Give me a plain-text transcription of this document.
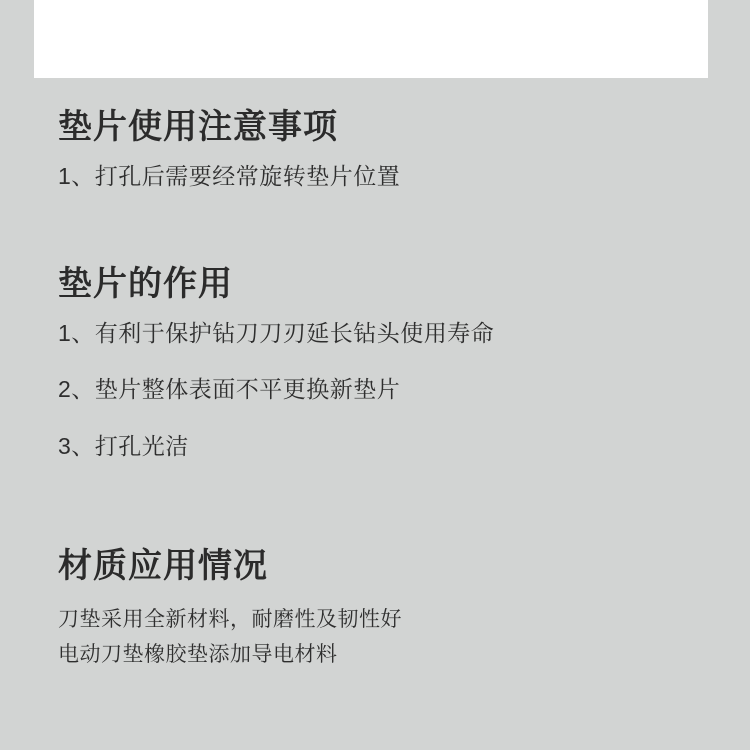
垫片使用注意事项

1、打孔后需要经常旋转垫片位置

垫片的作用

1、有利于保护钻刀刀刃延长钻头使用寿命

2、垫片整体表面不平更换新垫片

3、打孔光洁

材质应用情况

刀垫采用全新材料，耐磨性及韧性好

电动刀垫橡胶垫添加导电材料
